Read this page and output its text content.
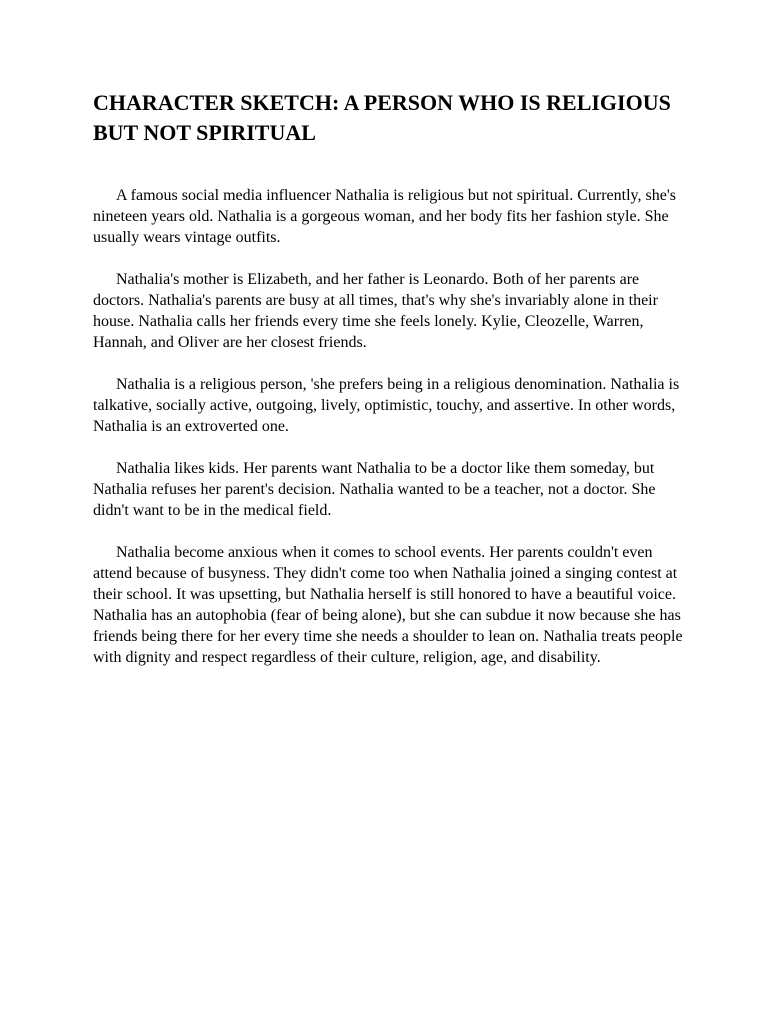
CHARACTER SKETCH: A PERSON WHO IS RELIGIOUS BUT NOT SPIRITUAL

A famous social media influencer Nathalia is religious but not spiritual. Currently, she's nineteen years old. Nathalia is a gorgeous woman, and her body fits her fashion style. She usually wears vintage outfits.

Nathalia's mother is Elizabeth, and her father is Leonardo. Both of her parents are doctors. Nathalia's parents are busy at all times, that's why she's invariably alone in their house. Nathalia calls her friends every time she feels lonely. Kylie, Cleozelle, Warren, Hannah, and Oliver are her closest friends.

Nathalia is a religious person, 'she prefers being in a religious denomination. Nathalia is talkative, socially active, outgoing, lively, optimistic, touchy, and assertive. In other words, Nathalia is an extroverted one.

Nathalia likes kids. Her parents want Nathalia to be a doctor like them someday, but Nathalia refuses her parent's decision. Nathalia wanted to be a teacher, not a doctor. She didn't want to be in the medical field.

Nathalia become anxious when it comes to school events. Her parents couldn't even attend because of busyness. They didn't come too when Nathalia joined a singing contest at their school. It was upsetting, but Nathalia herself is still honored to have a beautiful voice. Nathalia has an autophobia (fear of being alone), but she can subdue it now because she has friends being there for her every time she needs a shoulder to lean on. Nathalia treats people with dignity and respect regardless of their culture, religion, age, and disability.
